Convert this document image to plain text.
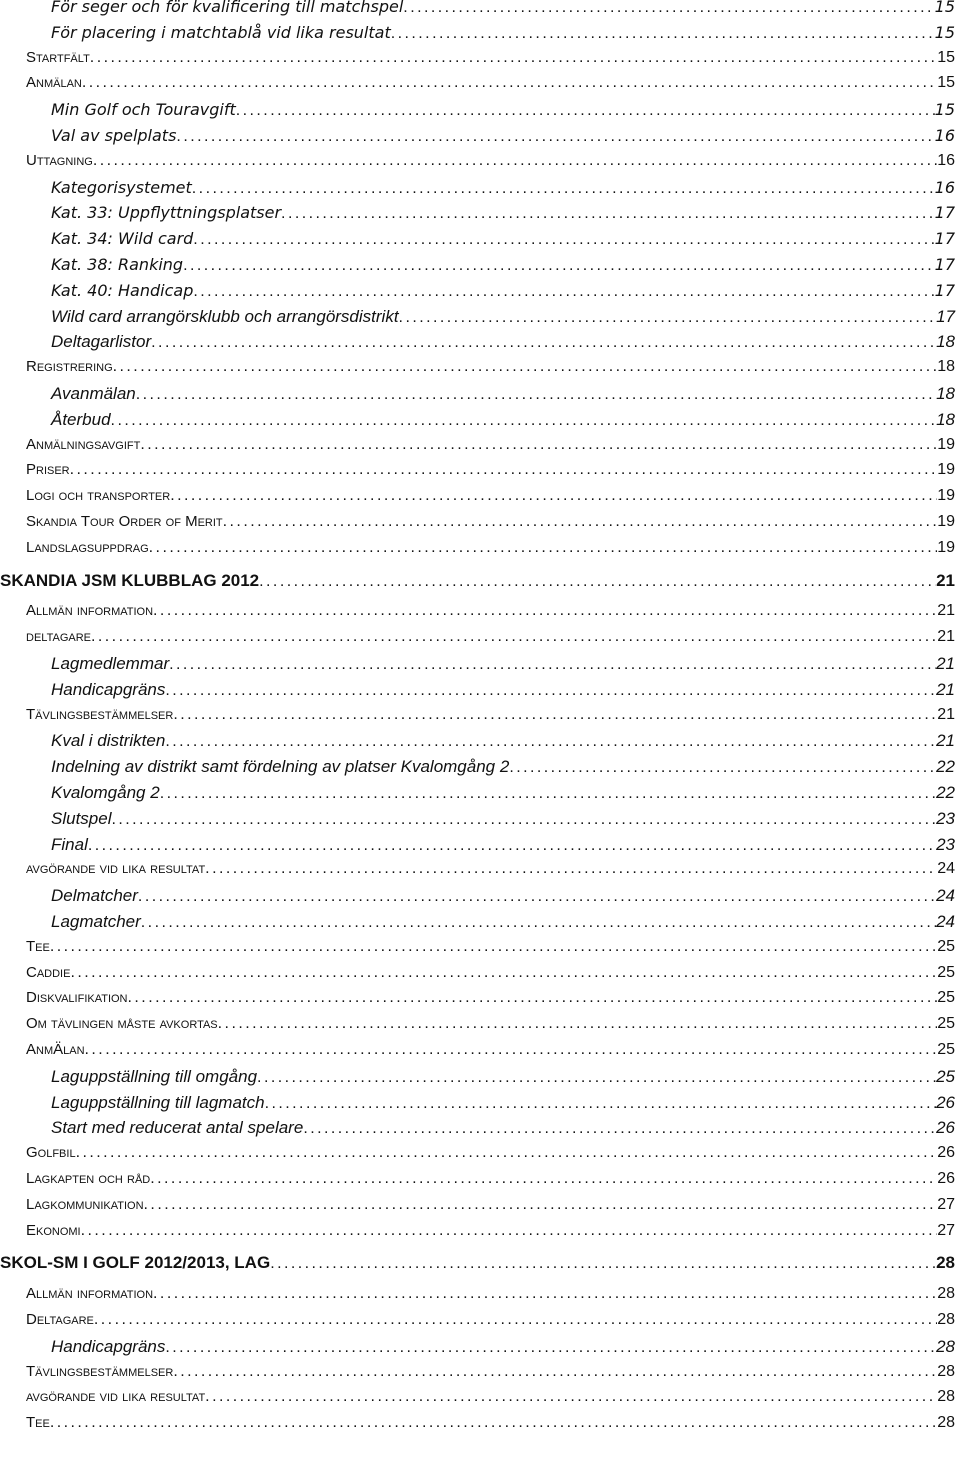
För seger och för kvalificering till matchspel . . .	15
För placering i matchtablå vid lika resultat . . .	15
Startfält . . .	15
Anmälan . . .	15
Min Golf och Touravgift . . .	15
Val av spelplats . . .	16
Uttagning . . .	16
Kategorisystemet . . .	16
Kat. 33: Uppflyttningsplatser . . .	17
Kat. 34: Wild card . . .	17
Kat. 38: Ranking . . .	17
Kat. 40: Handicap . . .	17
Wild card arrangörsklubb och arrangörsdistrikt . . .	17
Deltagarlistor . . .	18
Registrering . . .	18
Avanmälan . . .	18
Återbud . . .	18
Anmälningsavgift . . .	19
Priser . . .	19
Logi och transporter . . .	19
Skandia Tour Order of Merit . . .	19
Landslagsuppdrag . . .	19
SKANDIA JSM KLUBBLAG 2012 . . .	21
Allmän information . . .	21
deltagare . . .	21
Lagmedlemmar . . .	21
Handicapgräns . . .	21
Tävlingsbestämmelser . . .	21
Kval i distrikten . . .	21
Indelning av distrikt samt fördelning av platser Kvalomgång 2 . . .	22
Kvalomgång 2 . . .	22
Slutspel . . .	23
Final . . .	23
avgörande vid lika resultat . . .	24
Delmatcher . . .	24
Lagmatcher . . .	24
Tee . . .	25
Caddie . . .	25
Diskvalifikation . . .	25
Om tävlingen måste avkortas . . .	25
AnmÄlan . . .	25
Laguppställning till omgång . . .	25
Laguppställning till lagmatch . . .	26
Start med reducerat antal spelare . . .	26
Golfbil . . .	26
Lagkapten och råd . . .	26
Lagkommunikation . . .	27
Ekonomi . . .	27
SKOL-SM I GOLF 2012/2013, LAG . . .	28
Allmän information . . .	28
Deltagare . . .	28
Handicapgräns . . .	28
Tävlingsbestämmelser . . .	28
avgörande vid lika resultat . . .	28
Tee . . .	28
